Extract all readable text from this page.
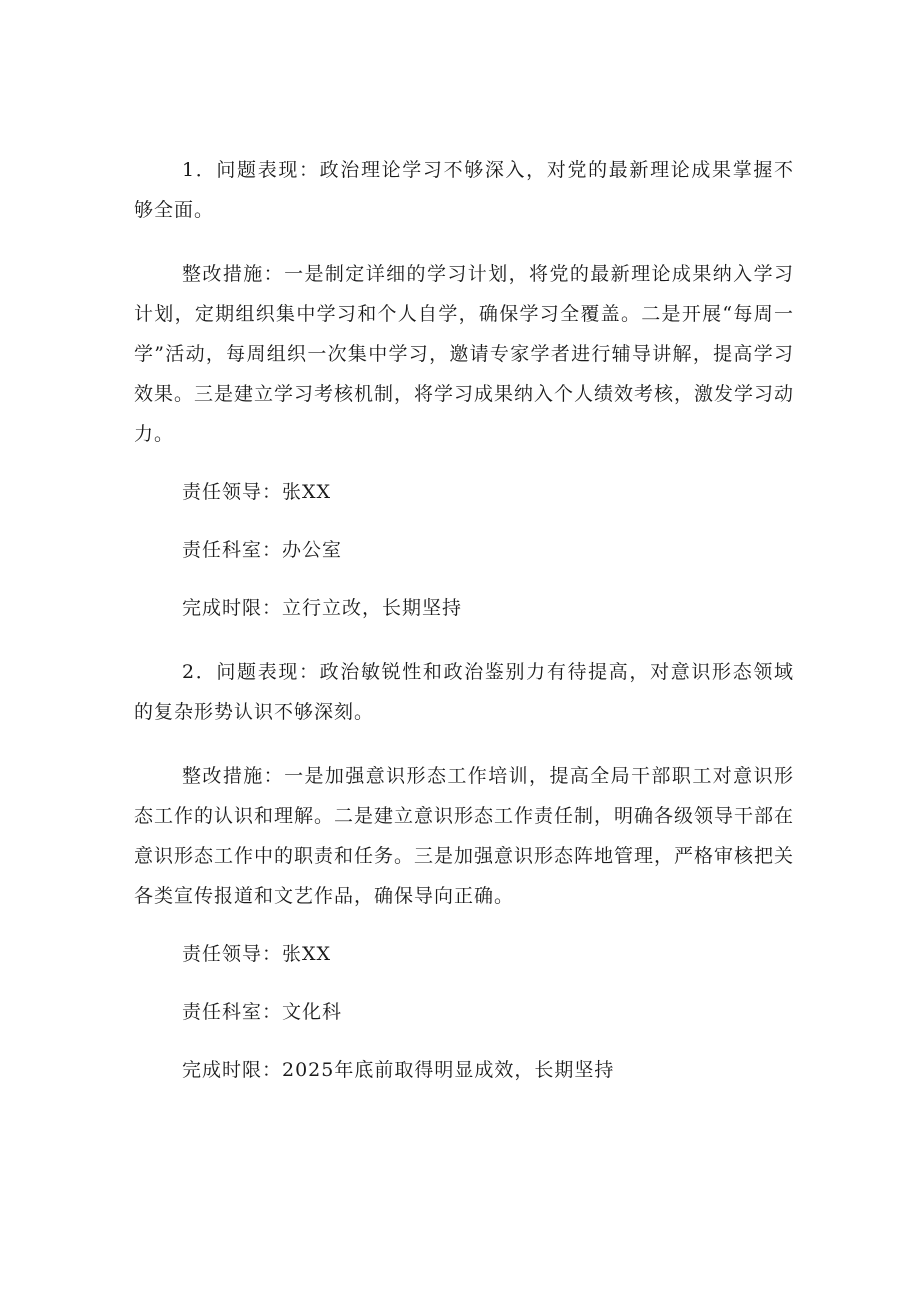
1．问题表现：政治理论学习不够深入，对党的最新理论成果掌握不够全面。

整改措施：一是制定详细的学习计划，将党的最新理论成果纳入学习计划，定期组织集中学习和个人自学，确保学习全覆盖。二是开展“每周一学”活动，每周组织一次集中学习，邀请专家学者进行辅导讲解，提高学习效果。三是建立学习考核机制，将学习成果纳入个人绩效考核，激发学习动力。

责任领导：张XX

责任科室：办公室

完成时限：立行立改，长期坚持

2．问题表现：政治敏锐性和政治鉴别力有待提高，对意识形态领域的复杂形势认识不够深刻。

整改措施：一是加强意识形态工作培训，提高全局干部职工对意识形态工作的认识和理解。二是建立意识形态工作责任制，明确各级领导干部在意识形态工作中的职责和任务。三是加强意识形态阵地管理，严格审核把关各类宣传报道和文艺作品，确保导向正确。

责任领导：张XX

责任科室：文化科

完成时限：2025年底前取得明显成效，长期坚持
